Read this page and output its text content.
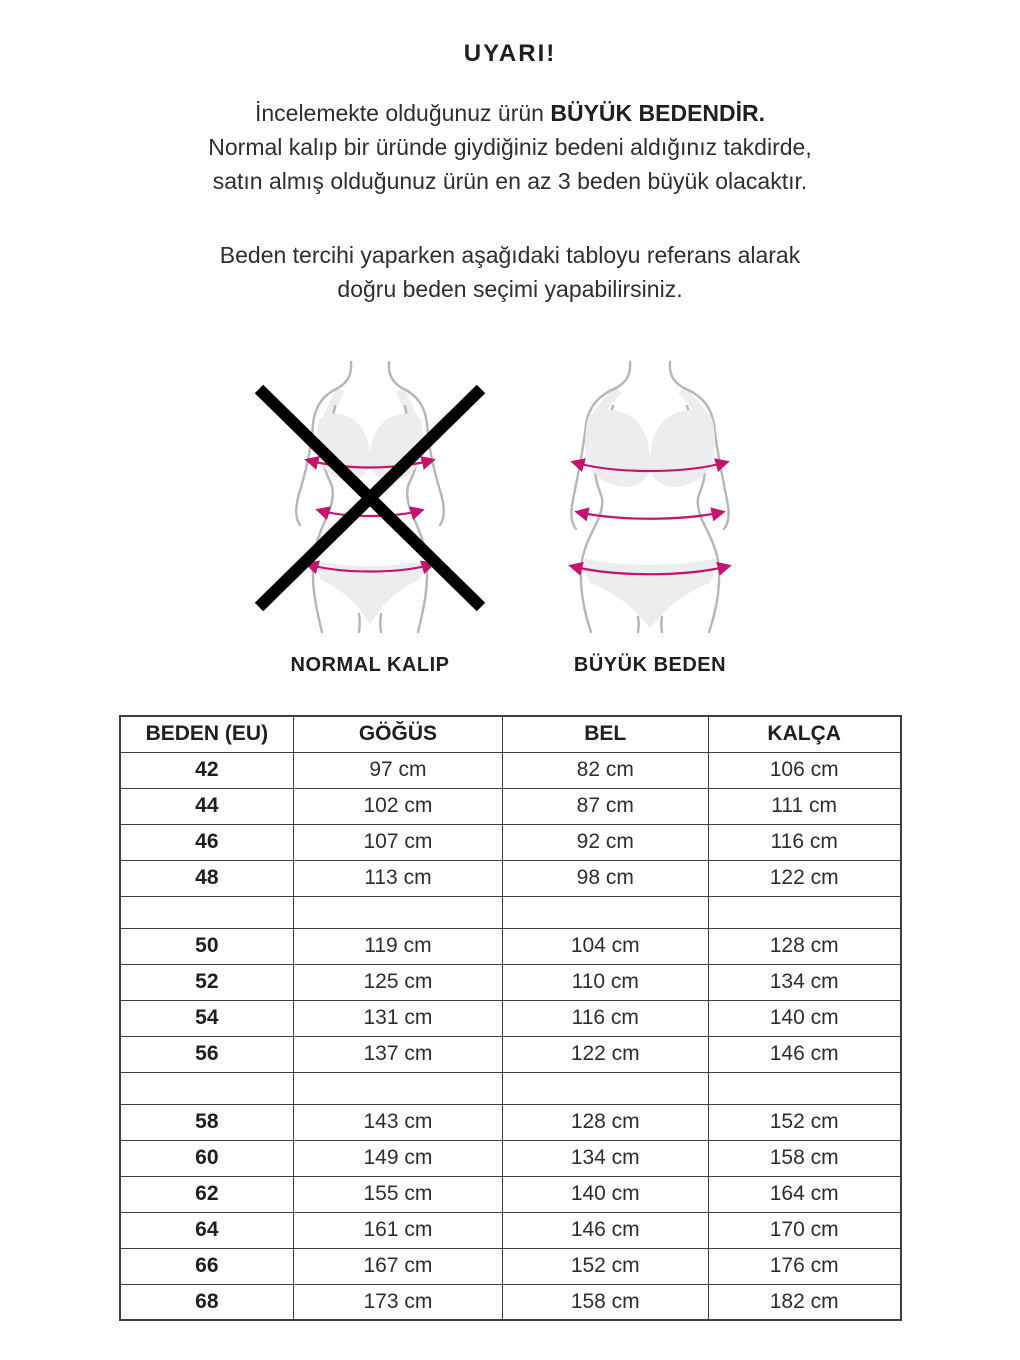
UYARI!
İncelemekte olduğunuz ürün BÜYÜK BEDENDİR.
Normal kalıp bir üründe giydiğiniz bedeni aldığınız takdirde,
satın almış olduğunuz ürün en az 3 beden büyük olacaktır.
Beden tercihi yaparken aşağıdaki tabloyu referans alarak
doğru beden seçimi yapabilirsiniz.
NORMAL KALIP	BÜYÜK BEDEN
BEDEN (EU)	GÖĞÜS	BEL	KALÇA
42	97 cm	82 cm	106 cm
44	102 cm	87 cm	111 cm
46	107 cm	92 cm	116 cm
48	113 cm	98 cm	122 cm

50	119 cm	104 cm	128 cm
52	125 cm	110 cm	134 cm
54	131 cm	116 cm	140 cm
56	137 cm	122 cm	146 cm

58	143 cm	128 cm	152 cm
60	149 cm	134 cm	158 cm
62	155 cm	140 cm	164 cm
64	161 cm	146 cm	170 cm
66	167 cm	152 cm	176 cm
68	173 cm	158 cm	182 cm
